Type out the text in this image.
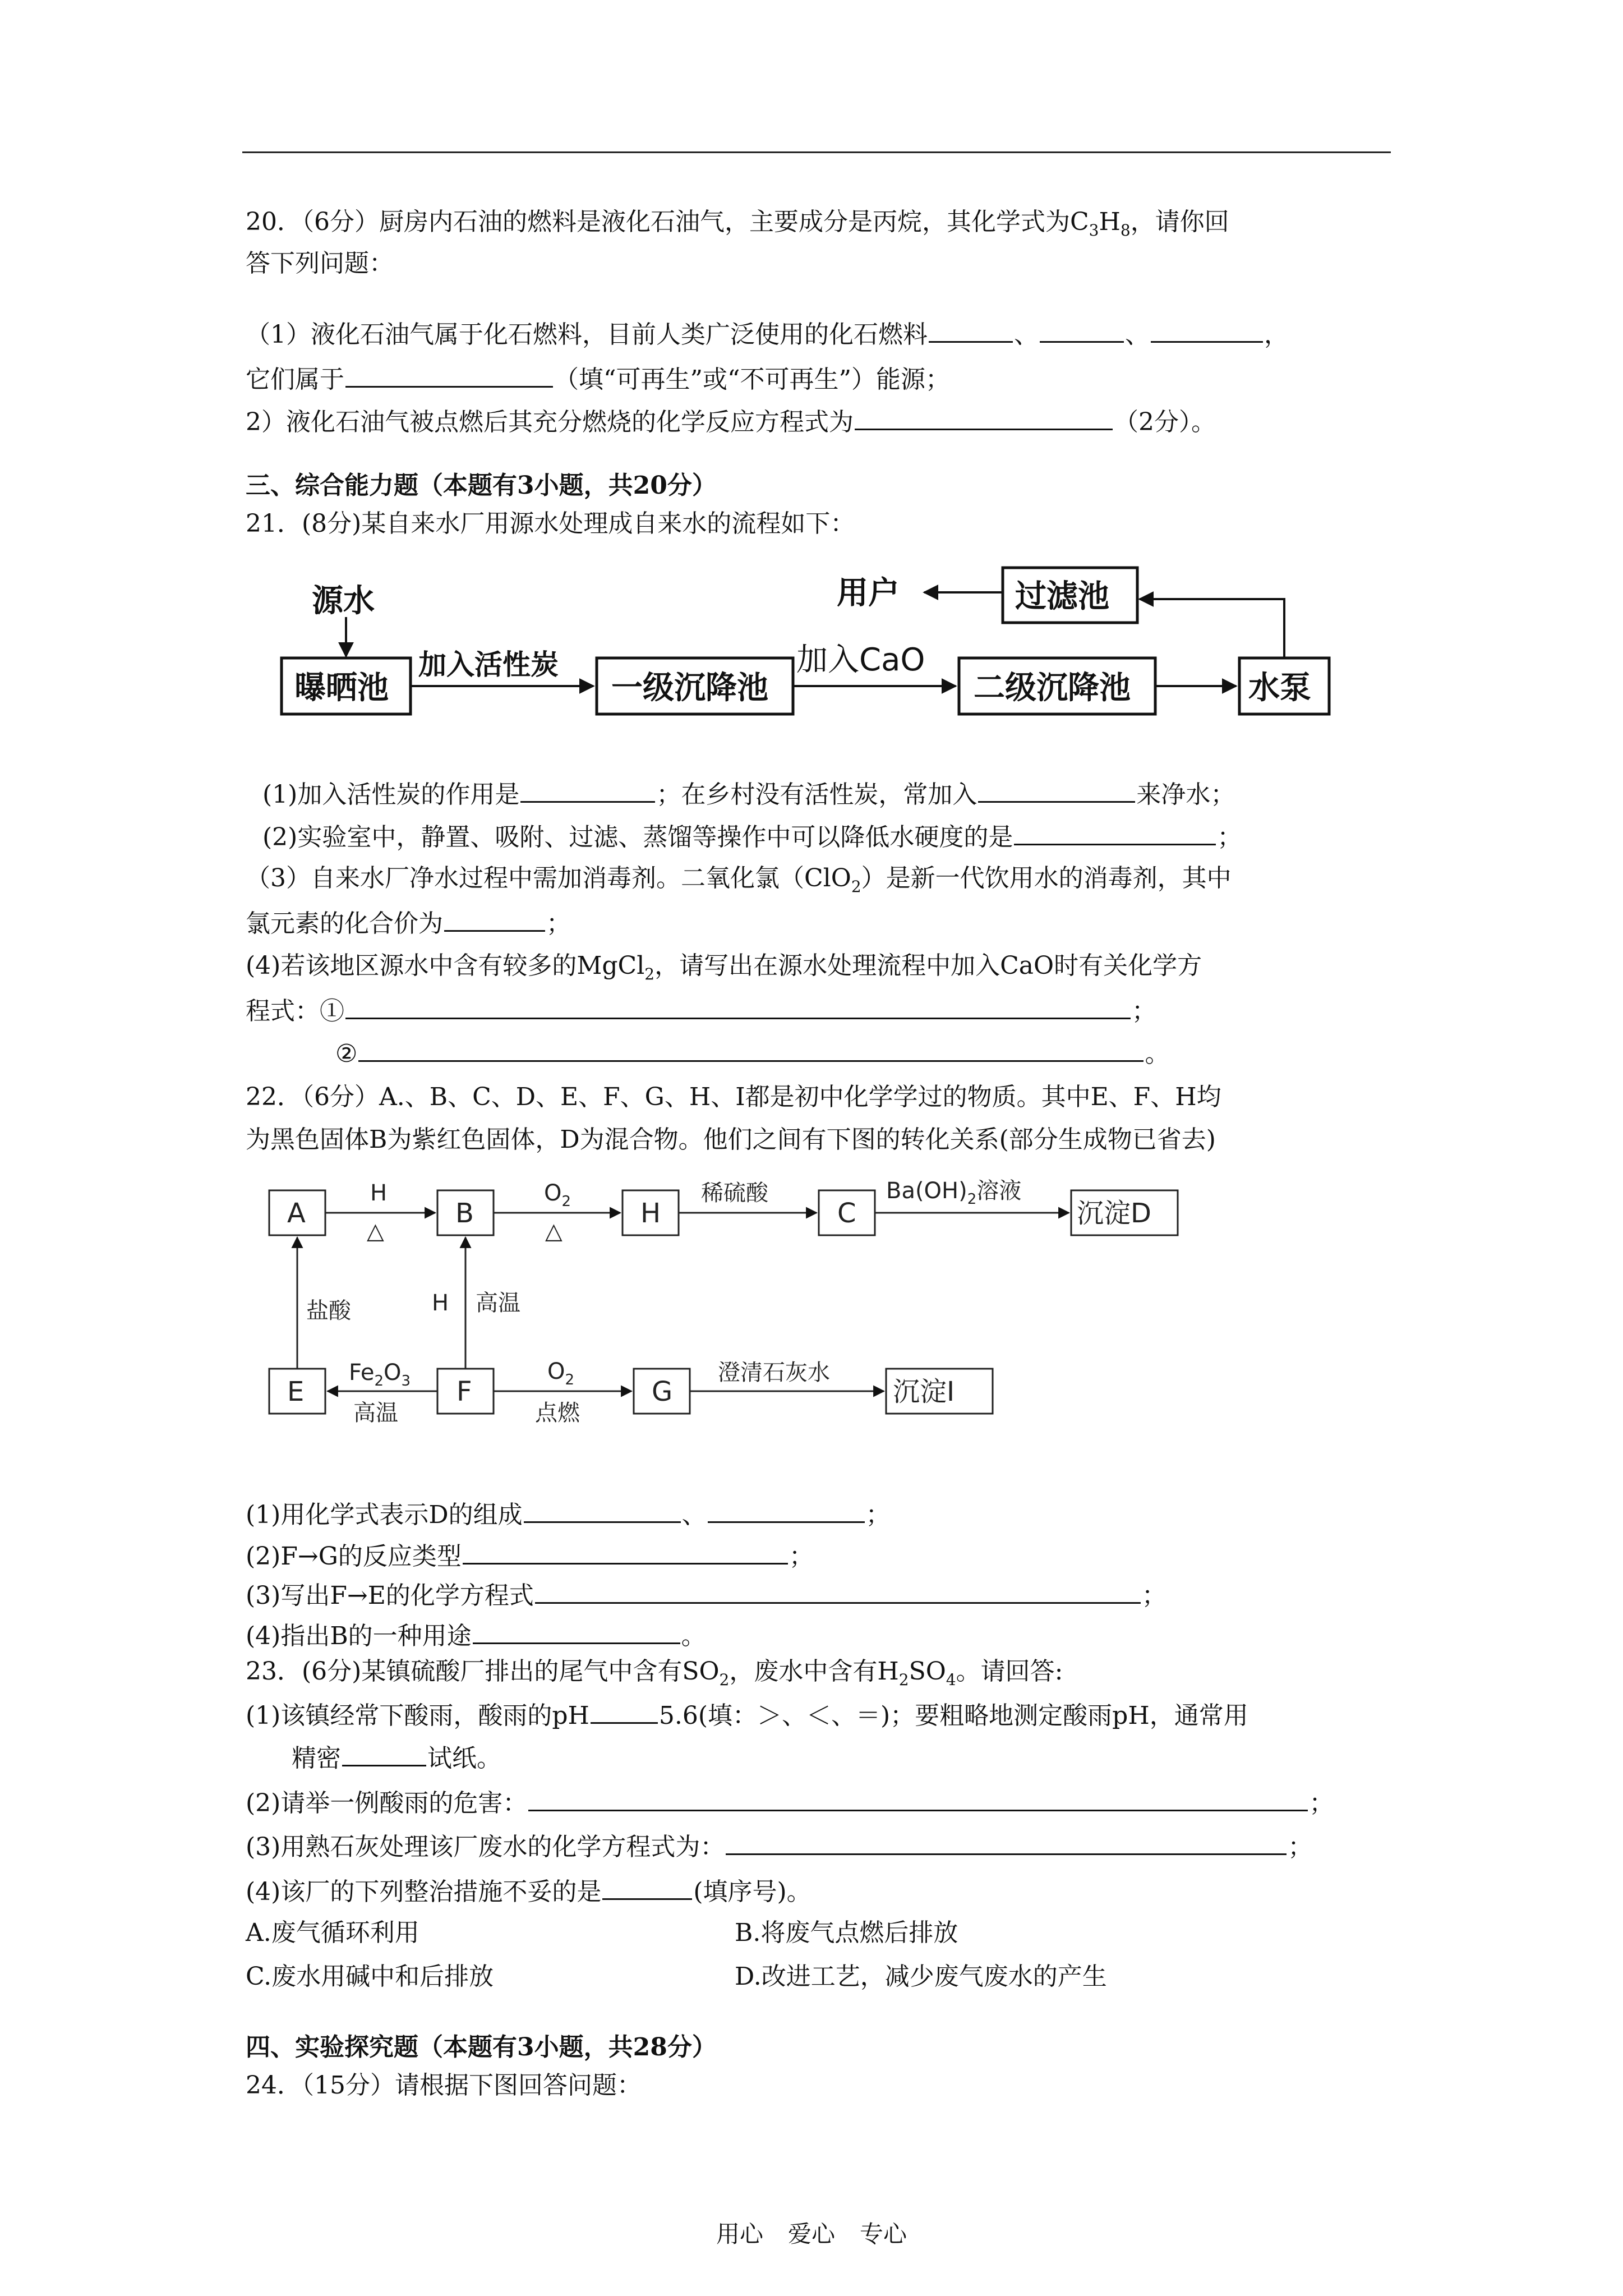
20．（6分）厨房内石油的燃料是液化石油气，主要成分是丙烷，其化学式为$C_3H_8$，请你回
答下列问题：
（1）液化石油气属于化石燃料，目前人类广泛使用的化石燃料	、	、	，
它们属于	（填“可再生”或“不可再生”）能源；
2）液化石油气被点燃后其充分燃烧的化学反应方程式为	（2分）。
三、综合能力题（本题有3小题，共20分）
21．(8分)某自来水厂用源水处理成自来水的流程如下：
源水
曝晒池	一级沉降池	二级沉降池	水泵
过滤池
用户
加入活性炭	加入CaO
(1)加入活性炭的作用是	；在乡村没有活性炭，常加入	来净水；
(2)实验室中，静置、吸附、过滤、蒸馏等操作中可以降低水硬度的是	；
（3）自来水厂净水过程中需加消毒剂。二氧化氯（ClO$_2$）是新一代饮用水的消毒剂，其中
氯元素的化合价为	；
(4)若该地区源水中含有较多的MgCl$_2$，请写出在源水处理流程中加入CaO时有关化学方
程式：①	；
②	。
22．（6分）A.、B、C、D、E、F、G、H、I都是初中化学学过的物质。其中E、F、H均
为黑色固体B为紫红色固体，D为混合物。他们之间有下图的转化关系(部分生成物已省去)
A	B	H	C	沉淀D
E	F	G	沉淀I
H
△
$O_2$
△
稀硫酸	$Ba(OH)_2$溶液
盐酸	H 高温
$Fe_2O_3$
高温
$O_2$
点燃
澄清石灰水
(1)用化学式表示D的组成	、	；
(2)F→G的反应类型	；
(3)写出F→E的化学方程式	；
(4)指出B的一种用途	。
23．(6分)某镇硫酸厂排出的尾气中含有$SO_2$，废水中含有$H_2SO_4$。请回答:
(1)该镇经常下酸雨，酸雨的pH	5.6(填：＞、＜、＝)；要粗略地测定酸雨pH，通常用
精密	试纸。
(2)请举一例酸雨的危害：	；
(3)用熟石灰处理该厂废水的化学方程式为：	；
(4)该厂的下列整治措施不妥的是	(填序号)。
A.废气循环利用	B.将废气点燃后排放
C.废水用碱中和后排放	D.改进工艺，减少废气废水的产生
四、实验探究题（本题有3小题，共28分）
24．（15分）请根据下图回答问题：
用心 爱心 专心
